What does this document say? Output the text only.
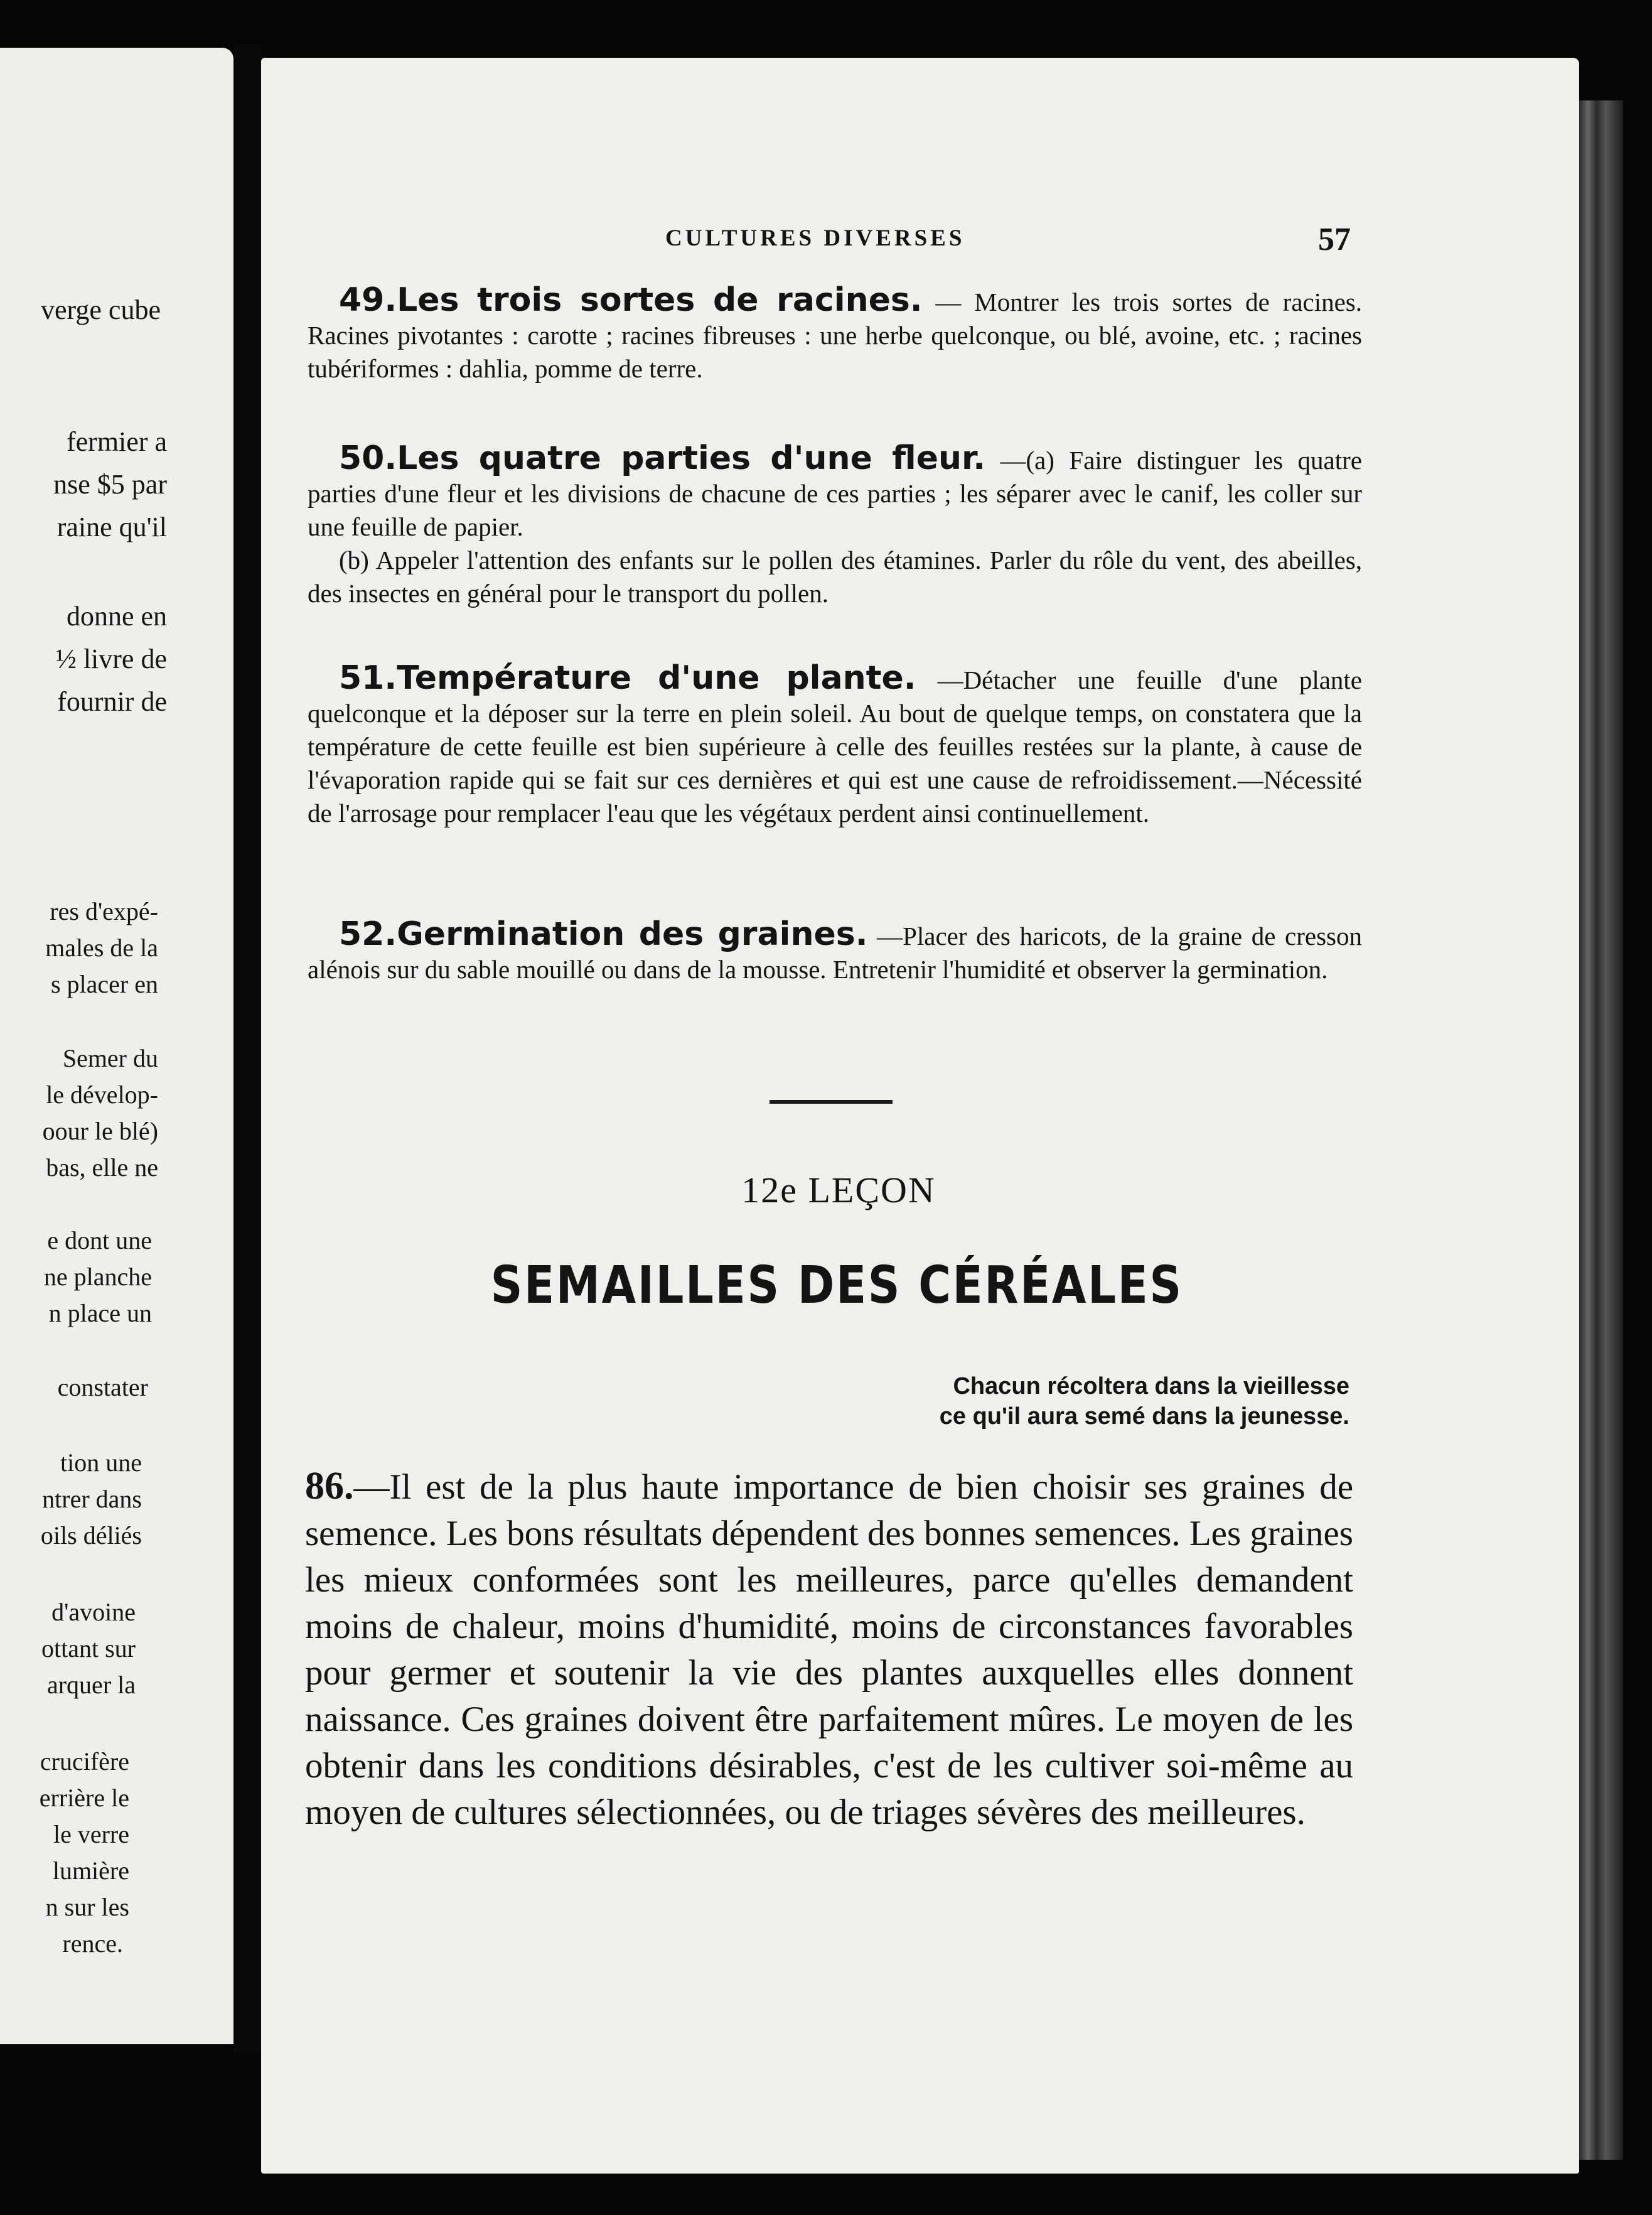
verge cube
fermier a
nse $5 par
raine qu'il
donne en
½ livre de
fournir de
res d'expé-
males de la
s placer en
Semer du
le dévelop-
oour le blé)
bas, elle ne
e dont une
ne planche
n place un
constater
tion une
ntrer dans
oils déliés
d'avoine
ottant sur
arquer la
crucifère
errière le
le verre
lumière
n sur les
rence.
CULTURES DIVERSES	57

49.Les trois sortes de racines. — Montrer les trois sortes de racines. Racines pivotantes : carotte ; racines fibreuses : une herbe quelconque, ou blé, avoine, etc. ; racines tubériformes : dahlia, pomme de terre.

50.Les quatre parties d'une fleur. —(a) Faire distinguer les quatre parties d'une fleur et les divisions de chacune de ces parties ; les séparer avec le canif, les coller sur une feuille de papier.

(b) Appeler l'attention des enfants sur le pollen des étamines. Parler du rôle du vent, des abeilles, des insectes en général pour le transport du pollen.

51.Température d'une plante. —Détacher une feuille d'une plante quelconque et la déposer sur la terre en plein soleil. Au bout de quelque temps, on constatera que la température de cette feuille est bien supérieure à celle des feuilles restées sur la plante, à cause de l'évaporation rapide qui se fait sur ces dernières et qui est une cause de refroidissement.—Nécessité de l'arrosage pour remplacer l'eau que les végétaux perdent ainsi continuellement.

52.Germination des graines. —Placer des haricots, de la graine de cresson alénois sur du sable mouillé ou dans de la mousse. Entretenir l'humidité et observer la germination.

12e LEÇON
SEMAILLES DES CÉRÉALES
Chacun récoltera dans la vieillesse
ce qu'il aura semé dans la jeunesse.
86.—Il est de la plus haute importance de bien choisir ses graines de semence. Les bons résultats dépendent des bonnes semences. Les graines les mieux conformées sont les meilleures, parce qu'elles demandent moins de chaleur, moins d'humidité, moins de circonstances favorables pour germer et soutenir la vie des plantes auxquelles elles donnent naissance. Ces graines doivent être parfaitement mûres. Le moyen de les obtenir dans les conditions désirables, c'est de les cultiver soi-même au moyen de cultures sélectionnées, ou de triages sévères des meilleures.
